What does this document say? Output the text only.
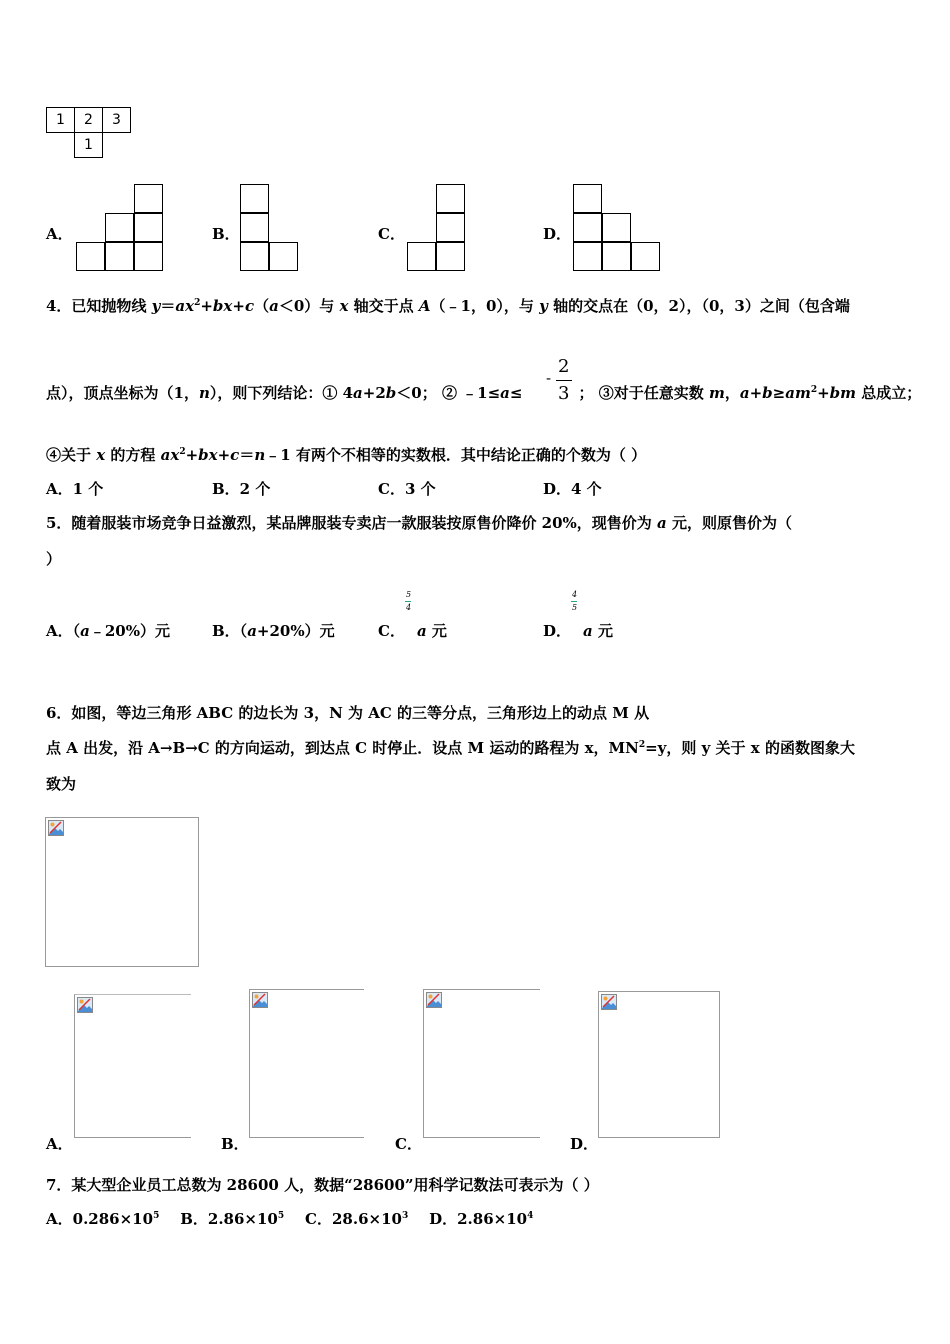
1	2	3
1
A．	B．	C．	D．
4．已知抛物线 $y=ax^2+bx+c(a<0)$与 x 轴交于点 A（﹣1，0），与 y 轴的交点在（0，2），（0，3）之间（包含端
点），顶点坐标为（1，n），则下列结论：① 4a+2b＜0； ② ﹣1≤a≤	； ③对于任意实数 m，$a+b\ge am^2+bm$ 总成立；
-
2
3
④关于 x 的方程 $ax^2+bx+c=n﹣1$ 有两个不相等的实数根．其中结论正确的个数为（ ）
A．1 个	B．2 个	C．3 个	D．4 个
5．随着服装市场竞争日益激烈，某品牌服装专卖店一款服装按原售价降价 20%，现售价为 a 元，则原售价为（
）
A．（a﹣20%）元	B．（a+20%）元	C． a 元
5
4
D． a 元
4
5
6．如图，等边三角形 ABC 的边长为 3，N 为 AC 的三等分点，三角形边上的动点 M 从
点 A 出发，沿 A→B→C 的方向运动，到达点 C 时停止．设点 M 运动的路程为 x，$MN^2=y$，则 y 关于 x 的函数图象大
致为
A．	B．	C．	D．
7．某大型企业员工总数为 28600 人，数据“28600”用科学记数法可表示为（ ）
A．$0.286\times 10^5$ B．$2.86\times 10^5$ C．$28.6\times 10^3$ D．$2.86\times 10^4$
